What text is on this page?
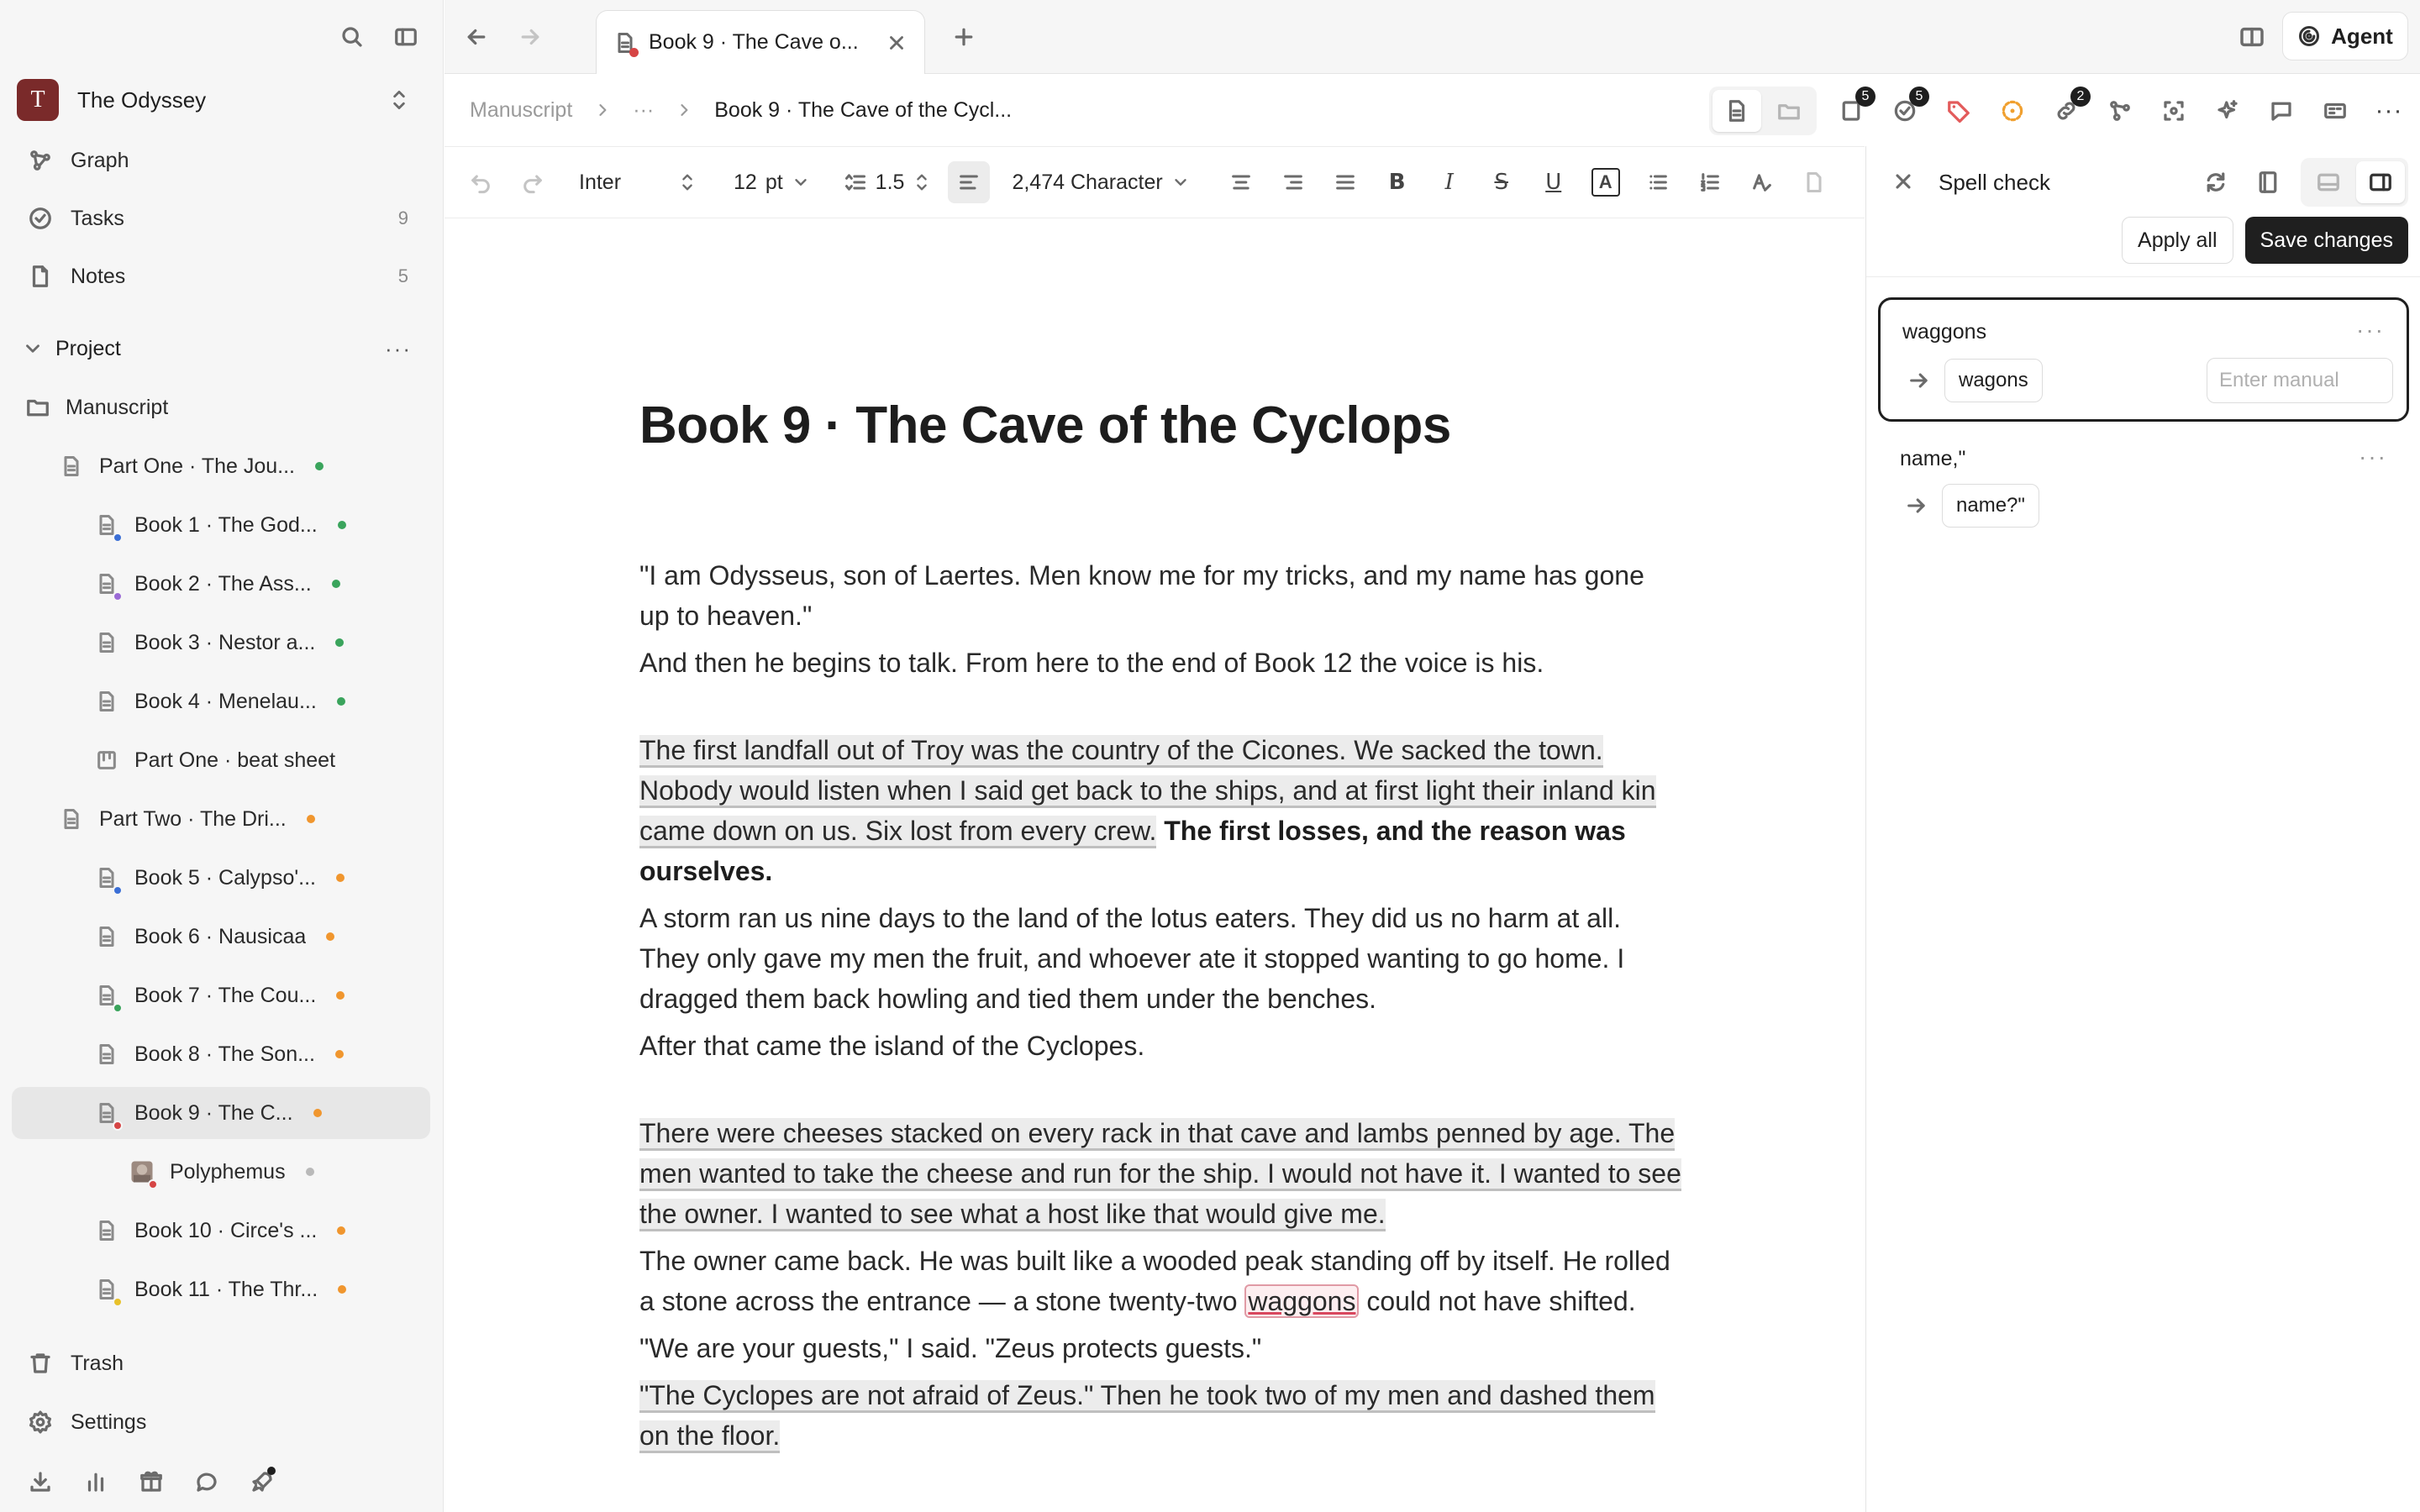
T	The Odyssey
Graph
Tasks	9
Notes	5
Project	···
Manuscript
Part One · The Jou...
Book 1 · The God...
Book 2 · The Ass...
Book 3 · Nestor a...
Book 4 · Menelau...
Part One · beat sheet
Part Two · The Dri...
Book 5 · Calypso'...
Book 6 · Nausicaa
Book 7 · The Cou...
Book 8 · The Son...
Book 9 · The C...
Polyphemus
Book 10 · Circe's ...
Book 11 · The Thr...
Trash
Settings
Book 9 · The Cave o...	Agent
Manuscript	···	Book 9 · The Cave of the Cycl...
5	5	2
···
Inter	12 pt	1.5	2,474 Character	B	I	S	U	A
Book 9 · The Cave of the Cyclops

"I am Odysseus, son of Laertes. Men know me for my tricks, and my name has gone up to heaven."

And then he begins to talk. From here to the end of Book 12 the voice is his.

The first landfall out of Troy was the country of the Cicones. We sacked the town. Nobody would listen when I said get back to the ships, and at first light their inland kin came down on us. Six lost from every crew. The first losses, and the reason was ourselves.

A storm ran us nine days to the land of the lotus eaters. They did us no harm at all. They only gave my men the fruit, and whoever ate it stopped wanting to go home. I dragged them back howling and tied them under the benches.

After that came the island of the Cyclopes.

There were cheeses stacked on every rack in that cave and lambs penned by age. The men wanted to take the cheese and run for the ship. I would not have it. I wanted to see the owner. I wanted to see what a host like that would give me.

The owner came back. He was built like a wooded peak standing off by itself. He rolled a stone across the entrance — a stone twenty-two waggons could not have shifted.

"We are your guests," I said. "Zeus protects guests."

"The Cyclopes are not afraid of Zeus." Then he took two of my men and dashed them on the floor.

Spell check
Apply all	Save changes
waggons	···
wagons
Enter manual
name,"	···
name?"
